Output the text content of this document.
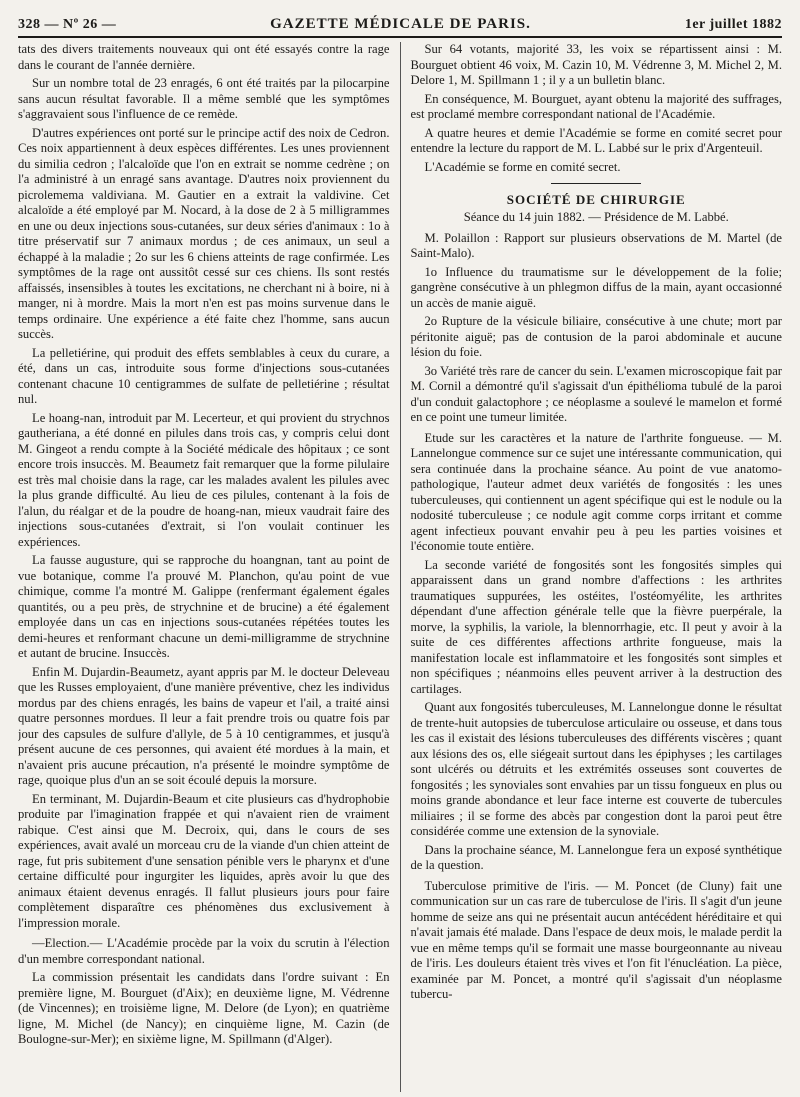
328 — Nº 26 —	GAZETTE MÉDICALE DE PARIS.	1er juillet 1882

tats des divers traitements nouveaux qui ont été essayés contre la rage dans le courant de l'année dernière.

Sur un nombre total de 23 enragés, 6 ont été traités par la pilocarpine sans aucun résultat favorable. Il a même semblé que les symptômes s'aggravaient sous l'influence de ce remède.

D'autres expériences ont porté sur le principe actif des noix de Cedron. Ces noix appartiennent à deux espèces différentes. Les unes proviennent du similia cedron ; l'alcaloïde que l'on en extrait se nomme cedrène ; on l'a administré à un enragé sans avantage. D'autres noix proviennent du picrolemema valdiviana. M. Gautier en a extrait la valdivine. Cet alcaloïde a été employé par M. Nocard, à la dose de 2 à 5 milligrammes en une ou deux injections sous-cutanées, sur deux séries d'animaux : 1o à titre préservatif sur 7 animaux mordus ; de ces animaux, un seul a échappé à la maladie ; 2o sur les 6 chiens atteints de rage confirmée. Les symptômes de la rage ont aussitôt cessé sur ces chiens. Ils sont restés affaissés, insensibles à toutes les excitations, ne cherchant ni à boire, ni à manger, ni à mordre. Mais la mort n'en est pas moins survenue dans le temps ordinaire. Une expérience a été faite chez l'homme, sans aucun succès.

La pelletiérine, qui produit des effets semblables à ceux du curare, a été, dans un cas, introduite sous forme d'injections sous-cutanées contenant chacune 10 centigrammes de sulfate de pelletiérine ; résultat nul.

Le hoang-nan, introduit par M. Lecerteur, et qui provient du strychnos gautheriana, a été donné en pilules dans trois cas, y compris celui dont M. Gingeot a rendu compte à la Société médicale des hôpitaux ; ce sont encore trois insuccès. M. Beaumetz fait remarquer que la forme pilulaire est très mal choisie dans la rage, car les malades avalent les pilules avec la plus grande difficulté. Au lieu de ces pilules, contenant à la fois de l'alun, du réalgar et de la poudre de hoang-nan, mieux vaudrait faire des injections sous-cutanées d'extrait, si l'on voulait continuer les expériences.

La fausse augusture, qui se rapproche du hoangnan, tant au point de vue botanique, comme l'a prouvé M. Planchon, qu'au point de vue chimique, comme l'a montré M. Galippe (renfermant également égales quantités, ou a peu près, de strychnine et de brucine) a été également employée dans un cas en injections sous-cutanées répétées toutes les demi-heures et renformant chacune un demi-milligramme de strychnine et autant de brucine. Insuccès.

Enfin M. Dujardin-Beaumetz, ayant appris par M. le docteur Deleveau que les Russes employaient, d'une manière préventive, chez les individus mordus par des chiens enragés, les bains de vapeur et l'ail, a traité ainsi quatre personnes mordues. Il leur a fait prendre trois ou quatre fois par jour des capsules de sulfure d'allyle, de 5 à 10 centigrammes, et jusqu'à présent aucune de ces personnes, qui avaient été mordues à la main, et n'avaient pris aucune précaution, n'a présenté le moindre symptôme de rage, quoique plus d'un an se soit écoulé depuis la morsure.

En terminant, M. Dujardin-Beaum et cite plusieurs cas d'hydrophobie produite par l'imagination frappée et qui n'avaient rien de vraiment rabique. C'est ainsi que M. Decroix, qui, dans le cours de ses expériences, avait avalé un morceau cru de la viande d'un chien atteint de rage, fut pris subitement d'une sensation pénible vers le pharynx et d'une certaine difficulté pour ingurgiter les liquides, après avoir lu que des animaux étaient devenus enragés. Il fallut plusieurs jours pour faire complètement disparaître ces phénomènes dus exclusivement à l'impression morale.

—Election.— L'Académie procède par la voix du scrutin à l'élection d'un membre correspondant national.

La commission présentait les candidats dans l'ordre suivant : En première ligne, M. Bourguet (d'Aix); en deuxième ligne, M. Védrenne (de Vincennes); en troisième ligne, M. Delore (de Lyon); en quatrième ligne, M. Michel (de Nancy); en cinquième ligne, M. Cazin (de Boulogne-sur-Mer); en sixième ligne, M. Spillmann (d'Alger).

Sur 64 votants, majorité 33, les voix se répartissent ainsi : M. Bourguet obtient 46 voix, M. Cazin 10, M. Védrenne 3, M. Michel 2, M. Delore 1, M. Spillmann 1 ; il y a un bulletin blanc.

En conséquence, M. Bourguet, ayant obtenu la majorité des suffrages, est proclamé membre correspondant national de l'Académie.

A quatre heures et demie l'Académie se forme en comité secret pour entendre la lecture du rapport de M. L. Labbé sur le prix d'Argenteuil.

L'Académie se forme en comité secret.

SOCIÉTÉ DE CHIRURGIE

Séance du 14 juin 1882. — Présidence de M. Labbé.

M. Polaillon : Rapport sur plusieurs observations de M. Martel (de Saint-Malo).

1o Influence du traumatisme sur le développement de la folie; gangrène consécutive à un phlegmon diffus de la main, ayant occasionné un accès de manie aiguë.

2o Rupture de la vésicule biliaire, consécutive à une chute; mort par péritonite aiguë; pas de contusion de la paroi abdominale et aucune lésion du foie.

3o Variété très rare de cancer du sein. L'examen microscopique fait par M. Cornil a démontré qu'il s'agissait d'un épithélioma tubulé de la paroi d'un conduit galactophore ; ce néoplasme a soulevé le mamelon et formé en ce point une tumeur limitée.

Etude sur les caractères et la nature de l'arthrite fongueuse. — M. Lannelongue commence sur ce sujet une intéressante communication, qui sera continuée dans la prochaine séance. Au point de vue anatomo-pathologique, l'auteur admet deux variétés de fongosités : les unes tuberculeuses, qui contiennent un agent spécifique qui est le nodule ou la nodosité tuberculeuse ; ce nodule agit comme corps irritant et comme agent infectieux pouvant envahir peu à peu les parties voisines et l'économie toute entière.

La seconde variété de fongosités sont les fongosités simples qui apparaissent dans un grand nombre d'affections : les arthrites traumatiques suppurées, les ostéites, l'ostéomyélite, les arthrites dépendant d'une affection générale telle que la fièvre puerpérale, la morve, la syphilis, la variole, la blennorrhagie, etc. Il peut y avoir à la suite de ces différentes affections arthrite fongueuse, mais la manifestation locale est inflammatoire et les fongosités sont simples et non spécifiques ; néanmoins elles peuvent arriver à la destruction des cartilages.

Quant aux fongosités tuberculeuses, M. Lannelongue donne le résultat de trente-huit autopsies de tuberculose articulaire ou osseuse, et dans tous les cas il existait des lésions tuberculeuses des différents viscères ; quant aux lésions des os, elle siégeait surtout dans les épiphyses ; les cartilages sont ulcérés ou détruits et les extrémités osseuses sont couvertes de fongosités ; les synoviales sont envahies par un tissu fongueux en plus ou moins grande abondance et leur face interne est couverte de tubercules miliaires ; il se forme des abcès par congestion dont la paroi peut être considérée comme une extension de la synoviale.

Dans la prochaine séance, M. Lannelongue fera un exposé synthétique de la question.

Tuberculose primitive de l'iris. — M. Poncet (de Cluny) fait une communication sur un cas rare de tuberculose de l'iris. Il s'agit d'un jeune homme de seize ans qui ne présentait aucun antécédent héréditaire et qui n'avait jamais été malade. Dans l'espace de deux mois, le malade perdit la vue en même temps qu'il se formait une masse bourgeonnante au niveau de l'iris. Les douleurs étaient très vives et l'on fit l'énucléation. La pièce, examinée par M. Poncet, a montré qu'il s'agissait d'un néoplasme tubercu-
